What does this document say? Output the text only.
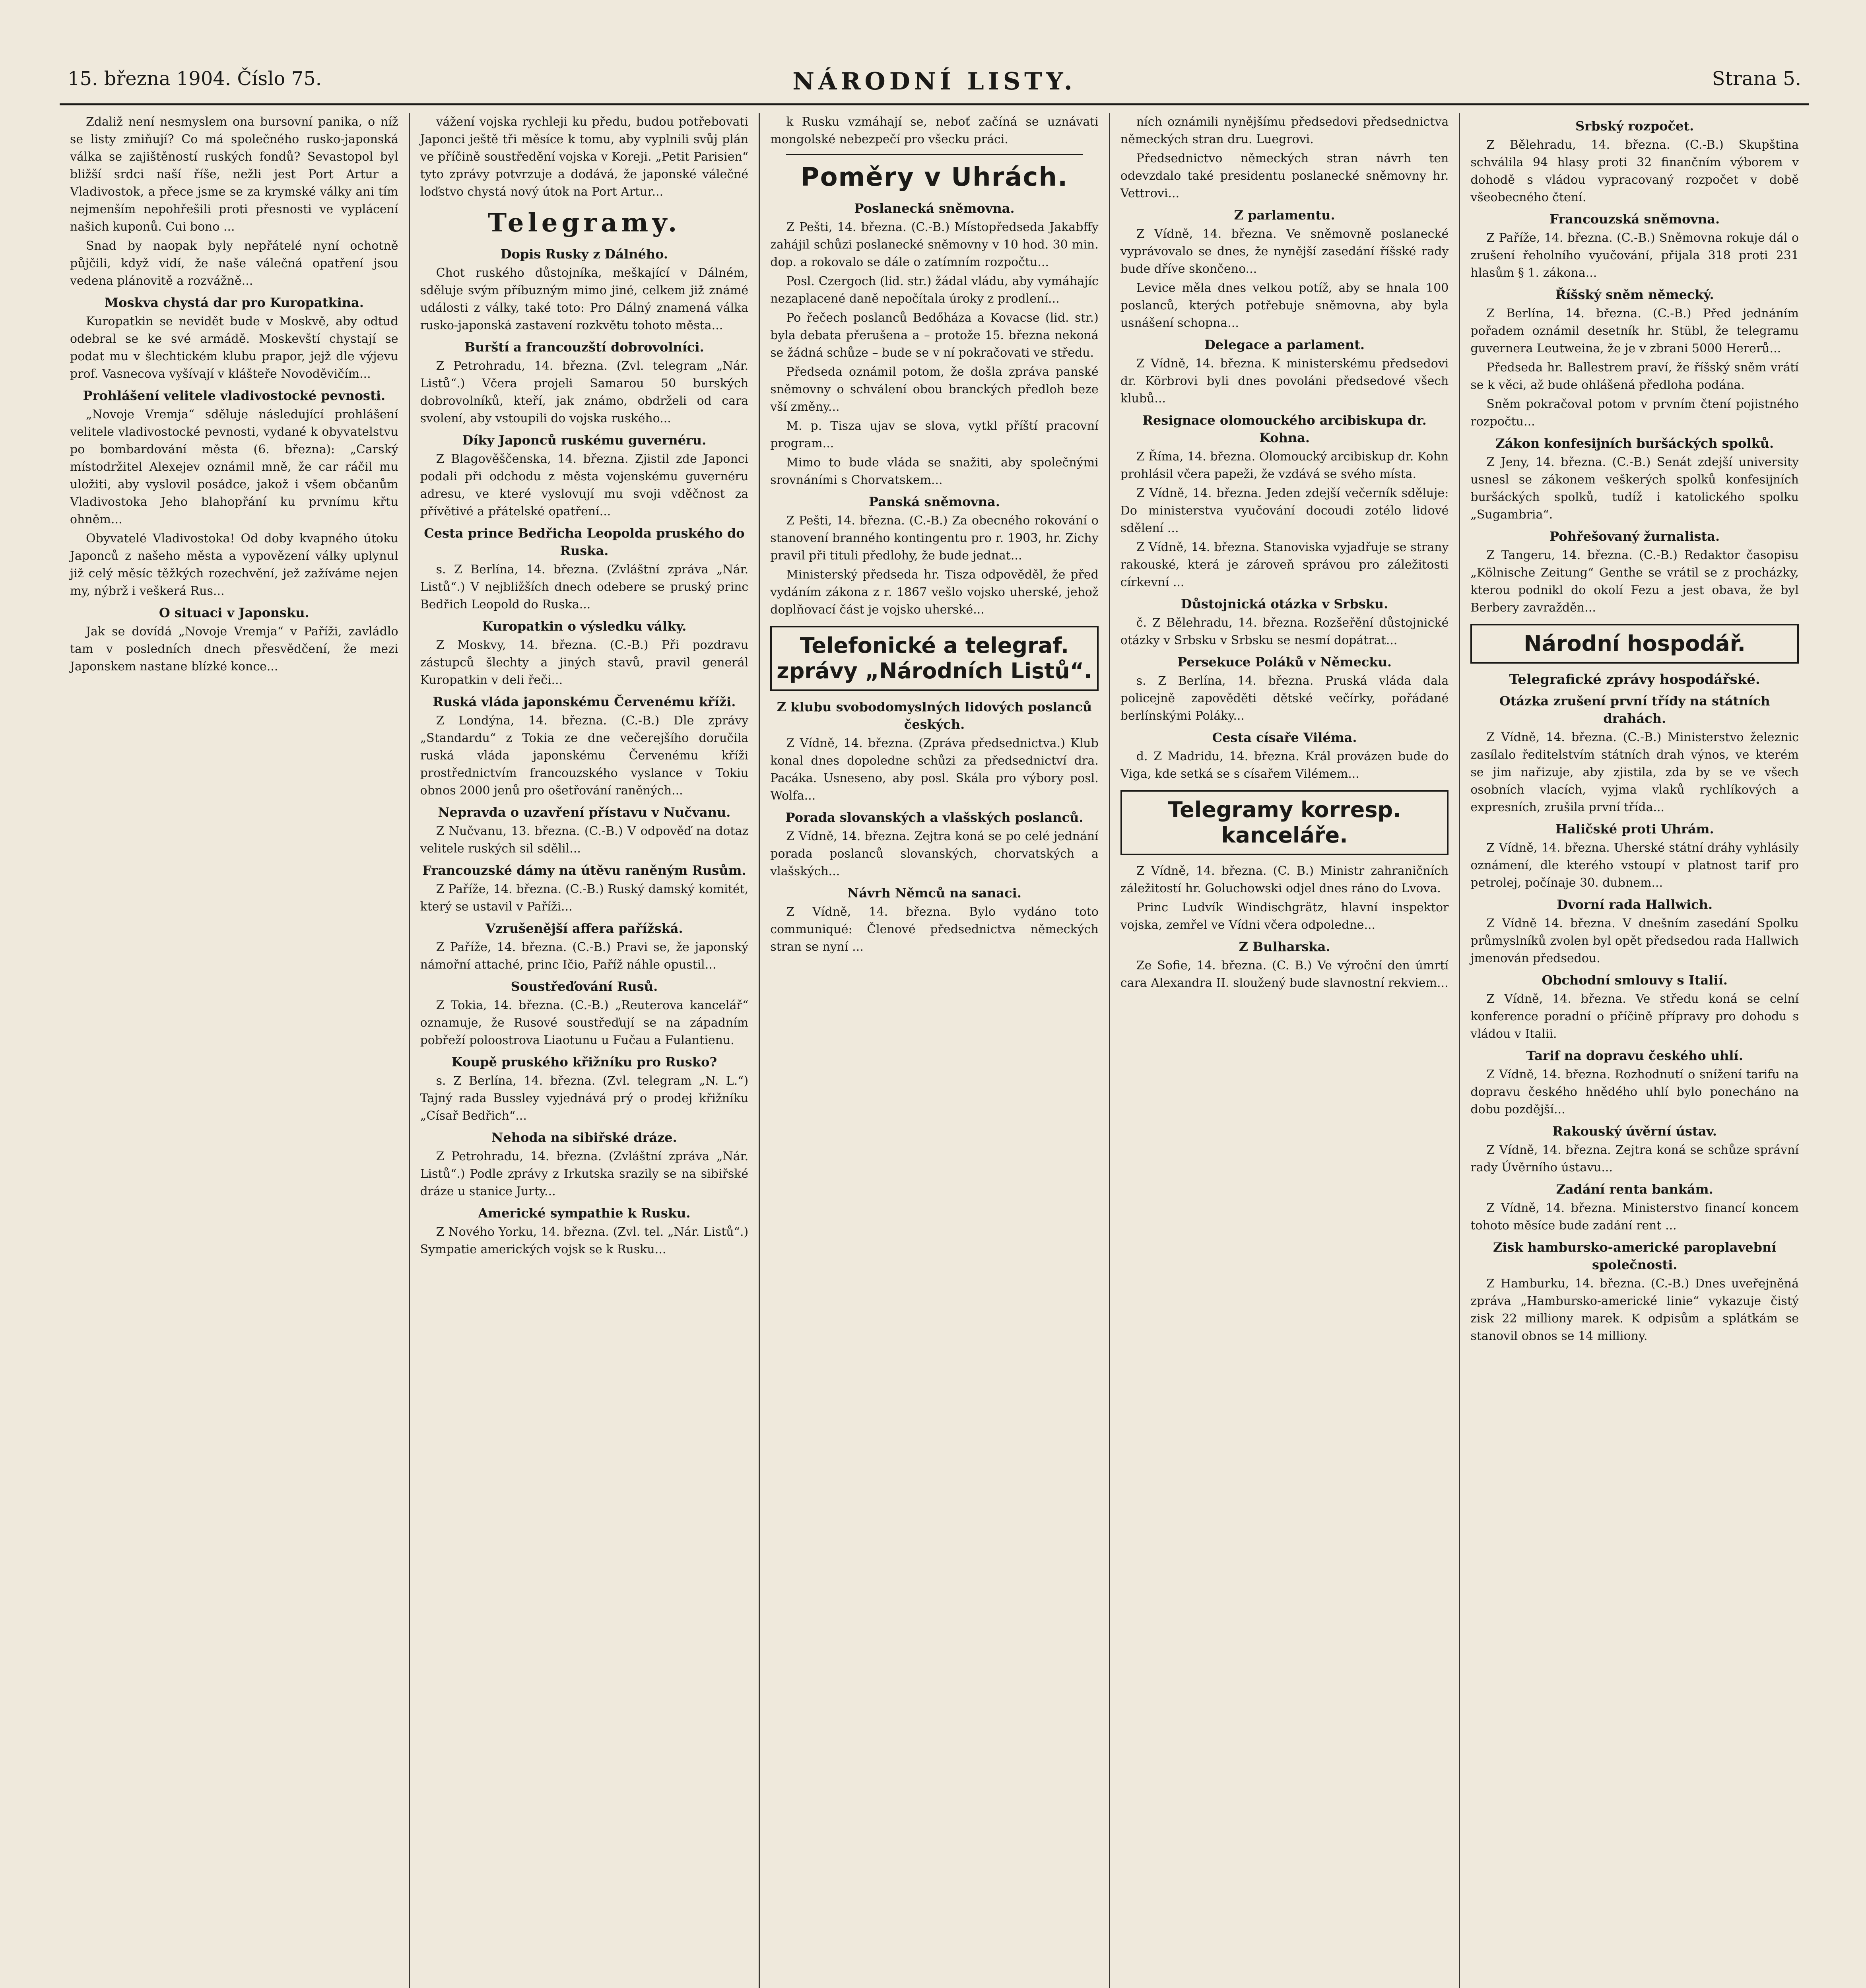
15. března 1904. Číslo 75.	NÁRODNÍ LISTY.	Strana 5.

Zdaliž není nesmyslem ona bursovní panika, o níž se listy zmiňují? Co má společného rusko-japonská válka se zajištěností ruských fondů? Sevastopol byl bližší srdci naší říše, nežli jest Port Artur a Vladivostok, a přece jsme se za krymské války ani tím nejmenším nepohřešili proti přesnosti ve vyplácení našich kuponů. Cui bono ...

Snad by naopak byly nepřátelé nyní ochotně půjčili, když vidí, že naše válečná opatření jsou vedena plánovitě a rozvážně...

Moskva chystá dar pro Kuropatkina.

Kuropatkin se nevidět bude v Moskvě, aby odtud odebral se ke své armádě. Moskevští chystají se podat mu v šlechtickém klubu prapor, jejž dle výjevu prof. Vasnecova vyšívají v klášteře Novoděvičím...

Prohlášení velitele vladivostocké pevnosti.

„Novoje Vremja“ sděluje následující prohlášení velitele vladivostocké pevnosti, vydané k obyvatelstvu po bombardování města (6. března): „Carský místodržitel Alexejev oznámil mně, že car ráčil mu uložiti, aby vyslovil posádce, jakož i všem občanům Vladivostoka Jeho blahopřání ku prvnímu křtu ohněm...

Obyvatelé Vladivostoka! Od doby kvapného útoku Japonců z našeho města a vypovězení války uplynul již celý měsíc těžkých rozechvění, jež zažíváme nejen my, nýbrž i veškerá Rus...

O situaci v Japonsku.

Jak se dovídá „Novoje Vremja“ v Paříži, zavládlo tam v posledních dnech přesvědčení, že mezi Japonskem nastane blízké konce...

vážení vojska rychleji ku předu, budou potřebovati Japonci ještě tři měsíce k tomu, aby vyplnili svůj plán ve příčině soustředění vojska v Koreji. „Petit Parisien“ tyto zprávy potvrzuje a dodává, že japonské válečné loďstvo chystá nový útok na Port Artur...

Telegramy.
Dopis Rusky z Dálného.

Chot ruského důstojníka, meškající v Dálném, sděluje svým příbuzným mimo jiné, celkem již známé události z války, také toto: Pro Dálný znamená válka rusko-japonská zastavení rozkvětu tohoto města...

Burští a francouzští dobrovolníci.

Z Petrohradu, 14. března. (Zvl. telegram „Nár. Listů“.) Včera projeli Samarou 50 burských dobrovolníků, kteří, jak známo, obdrželi od cara svolení, aby vstoupili do vojska ruského...

Díky Japonců ruskému guvernéru.

Z Blagověščenska, 14. března. Zjistil zde Japonci podali při odchodu z města vojenskému guvernéru adresu, ve které vyslovují mu svoji vděčnost za přívětivé a přátelské opatření...

Cesta prince Bedřicha Leopolda pruského do Ruska.

s. Z Berlína, 14. března. (Zvláštní zpráva „Nár. Listů“.) V nejbližších dnech odebere se pruský princ Bedřich Leopold do Ruska...

Kuropatkin o výsledku války.

Z Moskvy, 14. března. (C.-B.) Při pozdravu zástupců šlechty a jiných stavů, pravil generál Kuropatkin v deli řeči...

Ruská vláda japonskému Červenému kříži.

Z Londýna, 14. března. (C.-B.) Dle zprávy „Standardu“ z Tokia ze dne večerejšího doručila ruská vláda japonskému Červenému kříži prostřednictvím francouzského vyslance v Tokiu obnos 2000 jenů pro ošetřování raněných...

Nepravda o uzavření přístavu v Nučvanu.

Z Nučvanu, 13. března. (C.-B.) V odpověď na dotaz velitele ruských sil sdělil...

Francouzské dámy na útěvu raněným Rusům.

Z Paříže, 14. března. (C.-B.) Ruský damský komitét, který se ustavil v Paříži...

Vzrušenější affera pařížská.

Z Paříže, 14. března. (C.-B.) Pravi se, že japonský námořní attaché, princ Ičio, Paříž náhle opustil...

Soustřeďování Rusů.

Z Tokia, 14. března. (C.-B.) „Reuterova kancelář“ oznamuje, že Rusové soustřeďují se na západním pobřeží poloostrova Liaotunu u Fučau a Fulantienu.

Koupě pruského křižníku pro Rusko?

s. Z Berlína, 14. března. (Zvl. telegram „N. L.“) Tajný rada Bussley vyjednává prý o prodej křižníku „Císař Bedřich“...

Nehoda na sibiřské dráze.

Z Petrohradu, 14. března. (Zvláštní zpráva „Nár. Listů“.) Podle zprávy z Irkutska srazily se na sibiřské dráze u stanice Jurty...

Americké sympathie k Rusku.

Z Nového Yorku, 14. března. (Zvl. tel. „Nár. Listů“.) Sympatie amerických vojsk se k Rusku...

k Rusku vzmáhají se, neboť začíná se uznávati mongolské nebezpečí pro všecku práci.

Poměry v Uhrách.
Poslanecká sněmovna.

Z Pešti, 14. března. (C.-B.) Místopředseda Jakabffy zahájil schůzi poslanecké sněmovny v 10 hod. 30 min. dop. a rokovalo se dále o zatímním rozpočtu...

Posl. Czergoch (lid. str.) žádal vládu, aby vymáhajíc nezaplacené daně nepočítala úroky z prodlení...

Po řečech poslanců Bedőháza a Kovacse (lid. str.) byla debata přerušena a – protože 15. března nekoná se žádná schůze – bude se v ní pokračovati ve středu.

Předseda oznámil potom, že došla zpráva panské sněmovny o schválení obou branckých předloh beze vší změny...

M. p. Tisza ujav se slova, vytkl příští pracovní program...

Mimo to bude vláda se snažiti, aby společnými srovnáními s Chorvatskem...

Panská sněmovna.

Z Pešti, 14. března. (C.-B.) Za obecného rokování o stanovení branného kontingentu pro r. 1903, hr. Zichy pravil při tituli předlohy, že bude jednat...

Ministerský předseda hr. Tisza odpověděl, že před vydáním zákona z r. 1867 vešlo vojsko uherské, jehož doplňovací část je vojsko uherské...

Telefonické a telegraf. zprávy „Národních Listů“.
Z klubu svobodomyslných lidových poslanců českých.

Z Vídně, 14. března. (Zpráva předsednictva.) Klub konal dnes dopoledne schůzi za předsednictví dra. Pacáka. Usneseno, aby posl. Skála pro výbory posl. Wolfa...

Porada slovanských a vlašských poslanců.

Z Vídně, 14. března. Zejtra koná se po celé jednání porada poslanců slovanských, chorvatských a vlašských...

Návrh Němců na sanaci.

Z Vídně, 14. března. Bylo vydáno toto communiqué: Členové předsednictva německých stran se nyní ...

ních oznámili nynějšímu předsedovi předsednictva německých stran dru. Luegrovi.

Předsednictvo německých stran návrh ten odevzdalo také presidentu poslanecké sněmovny hr. Vettrovi...

Z parlamentu.

Z Vídně, 14. března. Ve sněmovně poslanecké vyprávovalo se dnes, že nynější zasedání říšské rady bude dříve skončeno...

Levice měla dnes velkou potíž, aby se hnala 100 poslanců, kterých potřebuje sněmovna, aby byla usnášení schopna...

Delegace a parlament.

Z Vídně, 14. března. K ministerskému předsedovi dr. Körbrovi byli dnes povoláni předsedové všech klubů...

Resignace olomouckého arcibiskupa dr. Kohna.

Z Říma, 14. března. Olomoucký arcibiskup dr. Kohn prohlásil včera papeži, že vzdává se svého místa.

Z Vídně, 14. března. Jeden zdejší večerník sděluje: Do ministerstva vyučování docoudi zotélo lidové sdělení ...

Z Vídně, 14. března. Stanoviska vyjadřuje se strany rakouské, která je zároveň správou pro záležitosti církevní ...

Důstojnická otázka v Srbsku.

č. Z Bělehradu, 14. března. Rozšeřění důstojnické otázky v Srbsku v Srbsku se nesmí dopátrat...

Persekuce Poláků v Německu.

s. Z Berlína, 14. března. Pruská vláda dala policejně zapověděti dětské večírky, pořádané berlínskými Poláky...

Cesta císaře Viléma.

d. Z Madridu, 14. března. Král provázen bude do Viga, kde setká se s císařem Vilémem...

Telegramy korresp. kanceláře.

Z Vídně, 14. března. (C. B.) Ministr zahraničních záležitostí hr. Goluchowski odjel dnes ráno do Lvova.

Princ Ludvík Windischgrätz, hlavní inspektor vojska, zemřel ve Vídni včera odpoledne...

Z Bulharska.

Ze Sofie, 14. března. (C. B.) Ve výroční den úmrtí cara Alexandra II. sloužený bude slavnostní rekviem...

Srbský rozpočet.

Z Bělehradu, 14. března. (C.-B.) Skupština schválila 94 hlasy proti 32 finančním výborem v dohodě s vládou vypracovaný rozpočet v době všeobecného čtení.

Francouzská sněmovna.

Z Paříže, 14. března. (C.-B.) Sněmovna rokuje dál o zrušení řeholního vyučování, přijala 318 proti 231 hlasům § 1. zákona...

Říšský sněm německý.

Z Berlína, 14. března. (C.-B.) Před jednáním pořadem oznámil desetník hr. Stübl, že telegramu guvernera Leutweina, že je v zbrani 5000 Hererů...

Předseda hr. Ballestrem praví, že říšský sněm vrátí se k věci, až bude ohlášená předloha podána.

Sněm pokračoval potom v prvním čtení pojistného rozpočtu...

Zákon konfesijních buršáckých spolků.

Z Jeny, 14. března. (C.-B.) Senát zdejší university usnesl se zákonem veškerých spolků konfesijních buršáckých spolků, tudíž i katolického spolku „Sugambria“.

Pohřešovaný žurnalista.

Z Tangeru, 14. března. (C.-B.) Redaktor časopisu „Kölnische Zeitung“ Genthe se vrátil se z procházky, kterou podnikl do okolí Fezu a jest obava, že byl Berbery zavražděn...

Národní hospodář.
Telegrafické zprávy hospodářské.
Otázka zrušení první třídy na státních drahách.

Z Vídně, 14. března. (C.-B.) Ministerstvo železnic zasílalo ředitelstvím státních drah výnos, ve kterém se jim nařizuje, aby zjistila, zda by se ve všech osobních vlacích, vyjma vlaků rychlíkových a expresních, zrušila první třída...

Haličské proti Uhrám.

Z Vídně, 14. března. Uherské státní dráhy vyhlásily oznámení, dle kterého vstoupí v platnost tarif pro petrolej, počínaje 30. dubnem...

Dvorní rada Hallwich.

Z Vídně 14. března. V dnešním zasedání Spolku průmyslníků zvolen byl opět předsedou rada Hallwich jmenován předsedou.

Obchodní smlouvy s Italií.

Z Vídně, 14. března. Ve středu koná se celní konference poradní o příčině přípravy pro dohodu s vládou v Italii.

Tarif na dopravu českého uhlí.

Z Vídně, 14. března. Rozhodnutí o snížení tarifu na dopravu českého hnědého uhlí bylo ponecháno na dobu pozdější...

Rakouský úvěrní ústav.

Z Vídně, 14. března. Zejtra koná se schůze správní rady Úvěrního ústavu...

Zadání renta bankám.

Z Vídně, 14. března. Ministerstvo financí koncem tohoto měsíce bude zadání rent ...

Zisk hambursko-americké paroplavební společnosti.

Z Hamburku, 14. března. (C.-B.) Dnes uveřejněná zpráva „Hambursko-americké linie“ vykazuje čistý zisk 22 milliony marek. K odpisům a splátkám se stanovil obnos se 14 milliony.
